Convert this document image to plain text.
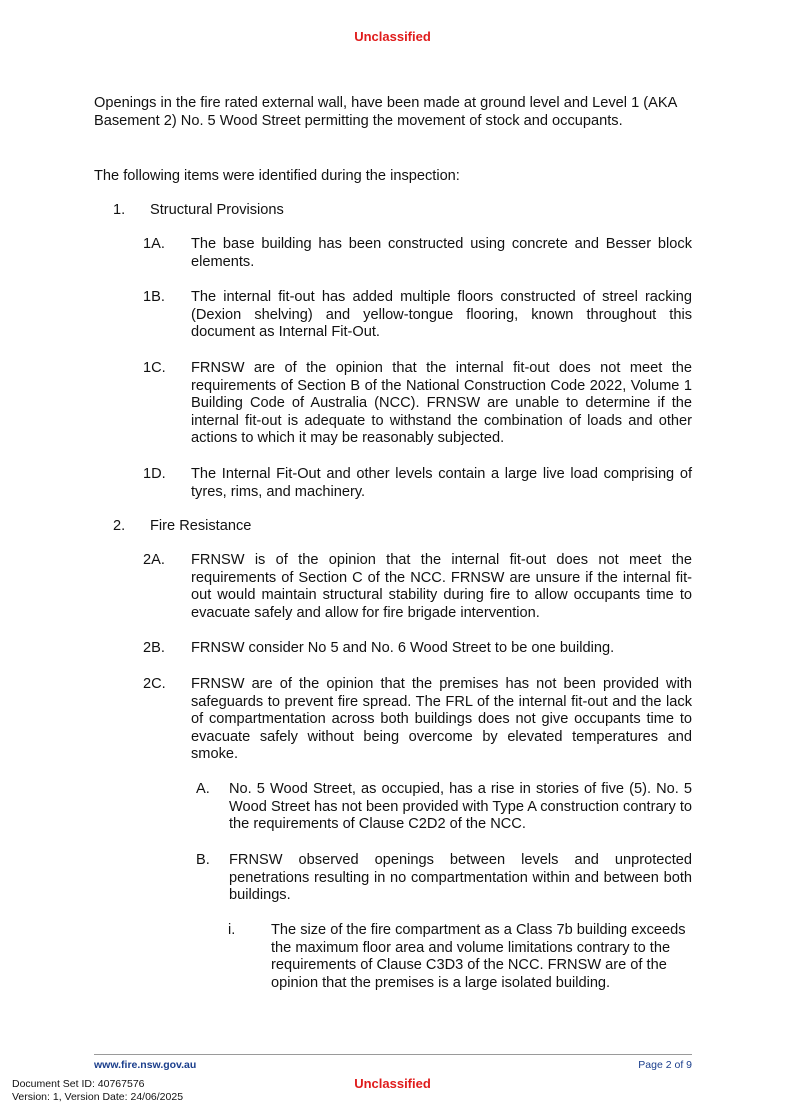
Unclassified
Openings in the fire rated external wall, have been made at ground level and Level 1 (AKA Basement 2) No. 5 Wood Street permitting the movement of stock and occupants.
The following items were identified during the inspection:
1. Structural Provisions
1A. The base building has been constructed using concrete and Besser block elements.
1B. The internal fit-out has added multiple floors constructed of streel racking (Dexion shelving) and yellow-tongue flooring, known throughout this document as Internal Fit-Out.
1C. FRNSW are of the opinion that the internal fit-out does not meet the requirements of Section B of the National Construction Code 2022, Volume 1 Building Code of Australia (NCC). FRNSW are unable to determine if the internal fit-out is adequate to withstand the combination of loads and other actions to which it may be reasonably subjected.
1D. The Internal Fit-Out and other levels contain a large live load comprising of tyres, rims, and machinery.
2. Fire Resistance
2A. FRNSW is of the opinion that the internal fit-out does not meet the requirements of Section C of the NCC. FRNSW are unsure if the internal fit-out would maintain structural stability during fire to allow occupants time to evacuate safely and allow for fire brigade intervention.
2B. FRNSW consider No 5 and No. 6 Wood Street to be one building.
2C. FRNSW are of the opinion that the premises has not been provided with safeguards to prevent fire spread. The FRL of the internal fit-out and the lack of compartmentation across both buildings does not give occupants time to evacuate safely without being overcome by elevated temperatures and smoke.
A. No. 5 Wood Street, as occupied, has a rise in stories of five (5). No. 5 Wood Street has not been provided with Type A construction contrary to the requirements of Clause C2D2 of the NCC.
B. FRNSW observed openings between levels and unprotected penetrations resulting in no compartmentation within and between both buildings.
i. The size of the fire compartment as a Class 7b building exceeds the maximum floor area and volume limitations contrary to the requirements of Clause C3D3 of the NCC. FRNSW are of the opinion that the premises is a large isolated building.
www.fire.nsw.gov.au	Page 2 of 9
Unclassified
Document Set ID: 40767576
Version: 1, Version Date: 24/06/2025
